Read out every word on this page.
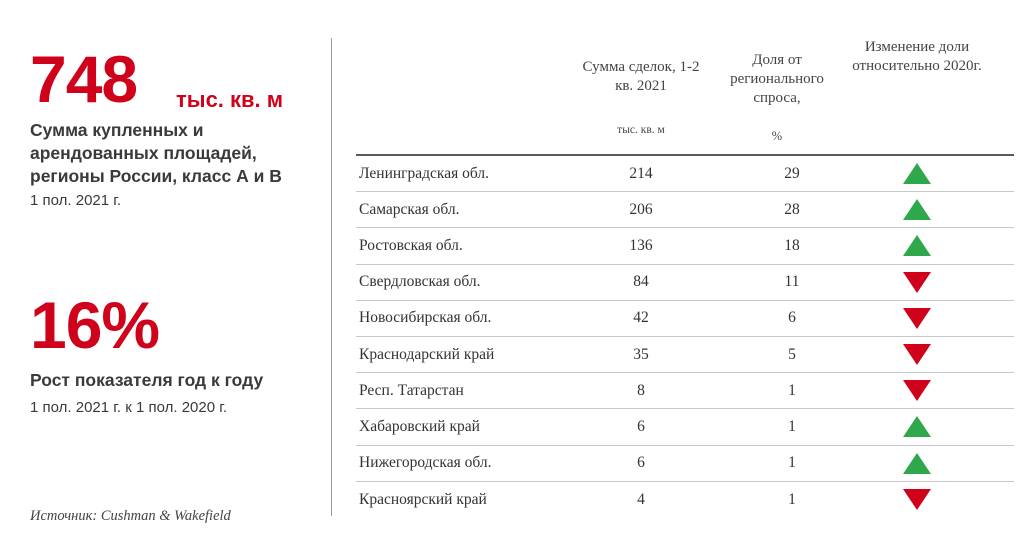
748 тыс. кв. м
Сумма купленных и арендованных площадей, регионы России, класс А и В
1 пол. 2021 г.
16%
Рост показателя год к году
1 пол. 2021 г. к 1 пол. 2020 г.
Источник: Cushman & Wakefield
Сумма сделок, 1-2 кв. 2021
тыс. кв. м
Доля от регионального спроса,
%
Изменение доли относительно 2020г.
Ленинградская обл.	214	29
Самарская обл.	206	28
Ростовская обл.	136	18
Свердловская обл.	84	11
Новосибирская обл.	42	6
Краснодарский край	35	5
Респ. Татарстан	8	1
Хабаровский край	6	1
Нижегородская обл.	6	1
Красноярский край	4	1
